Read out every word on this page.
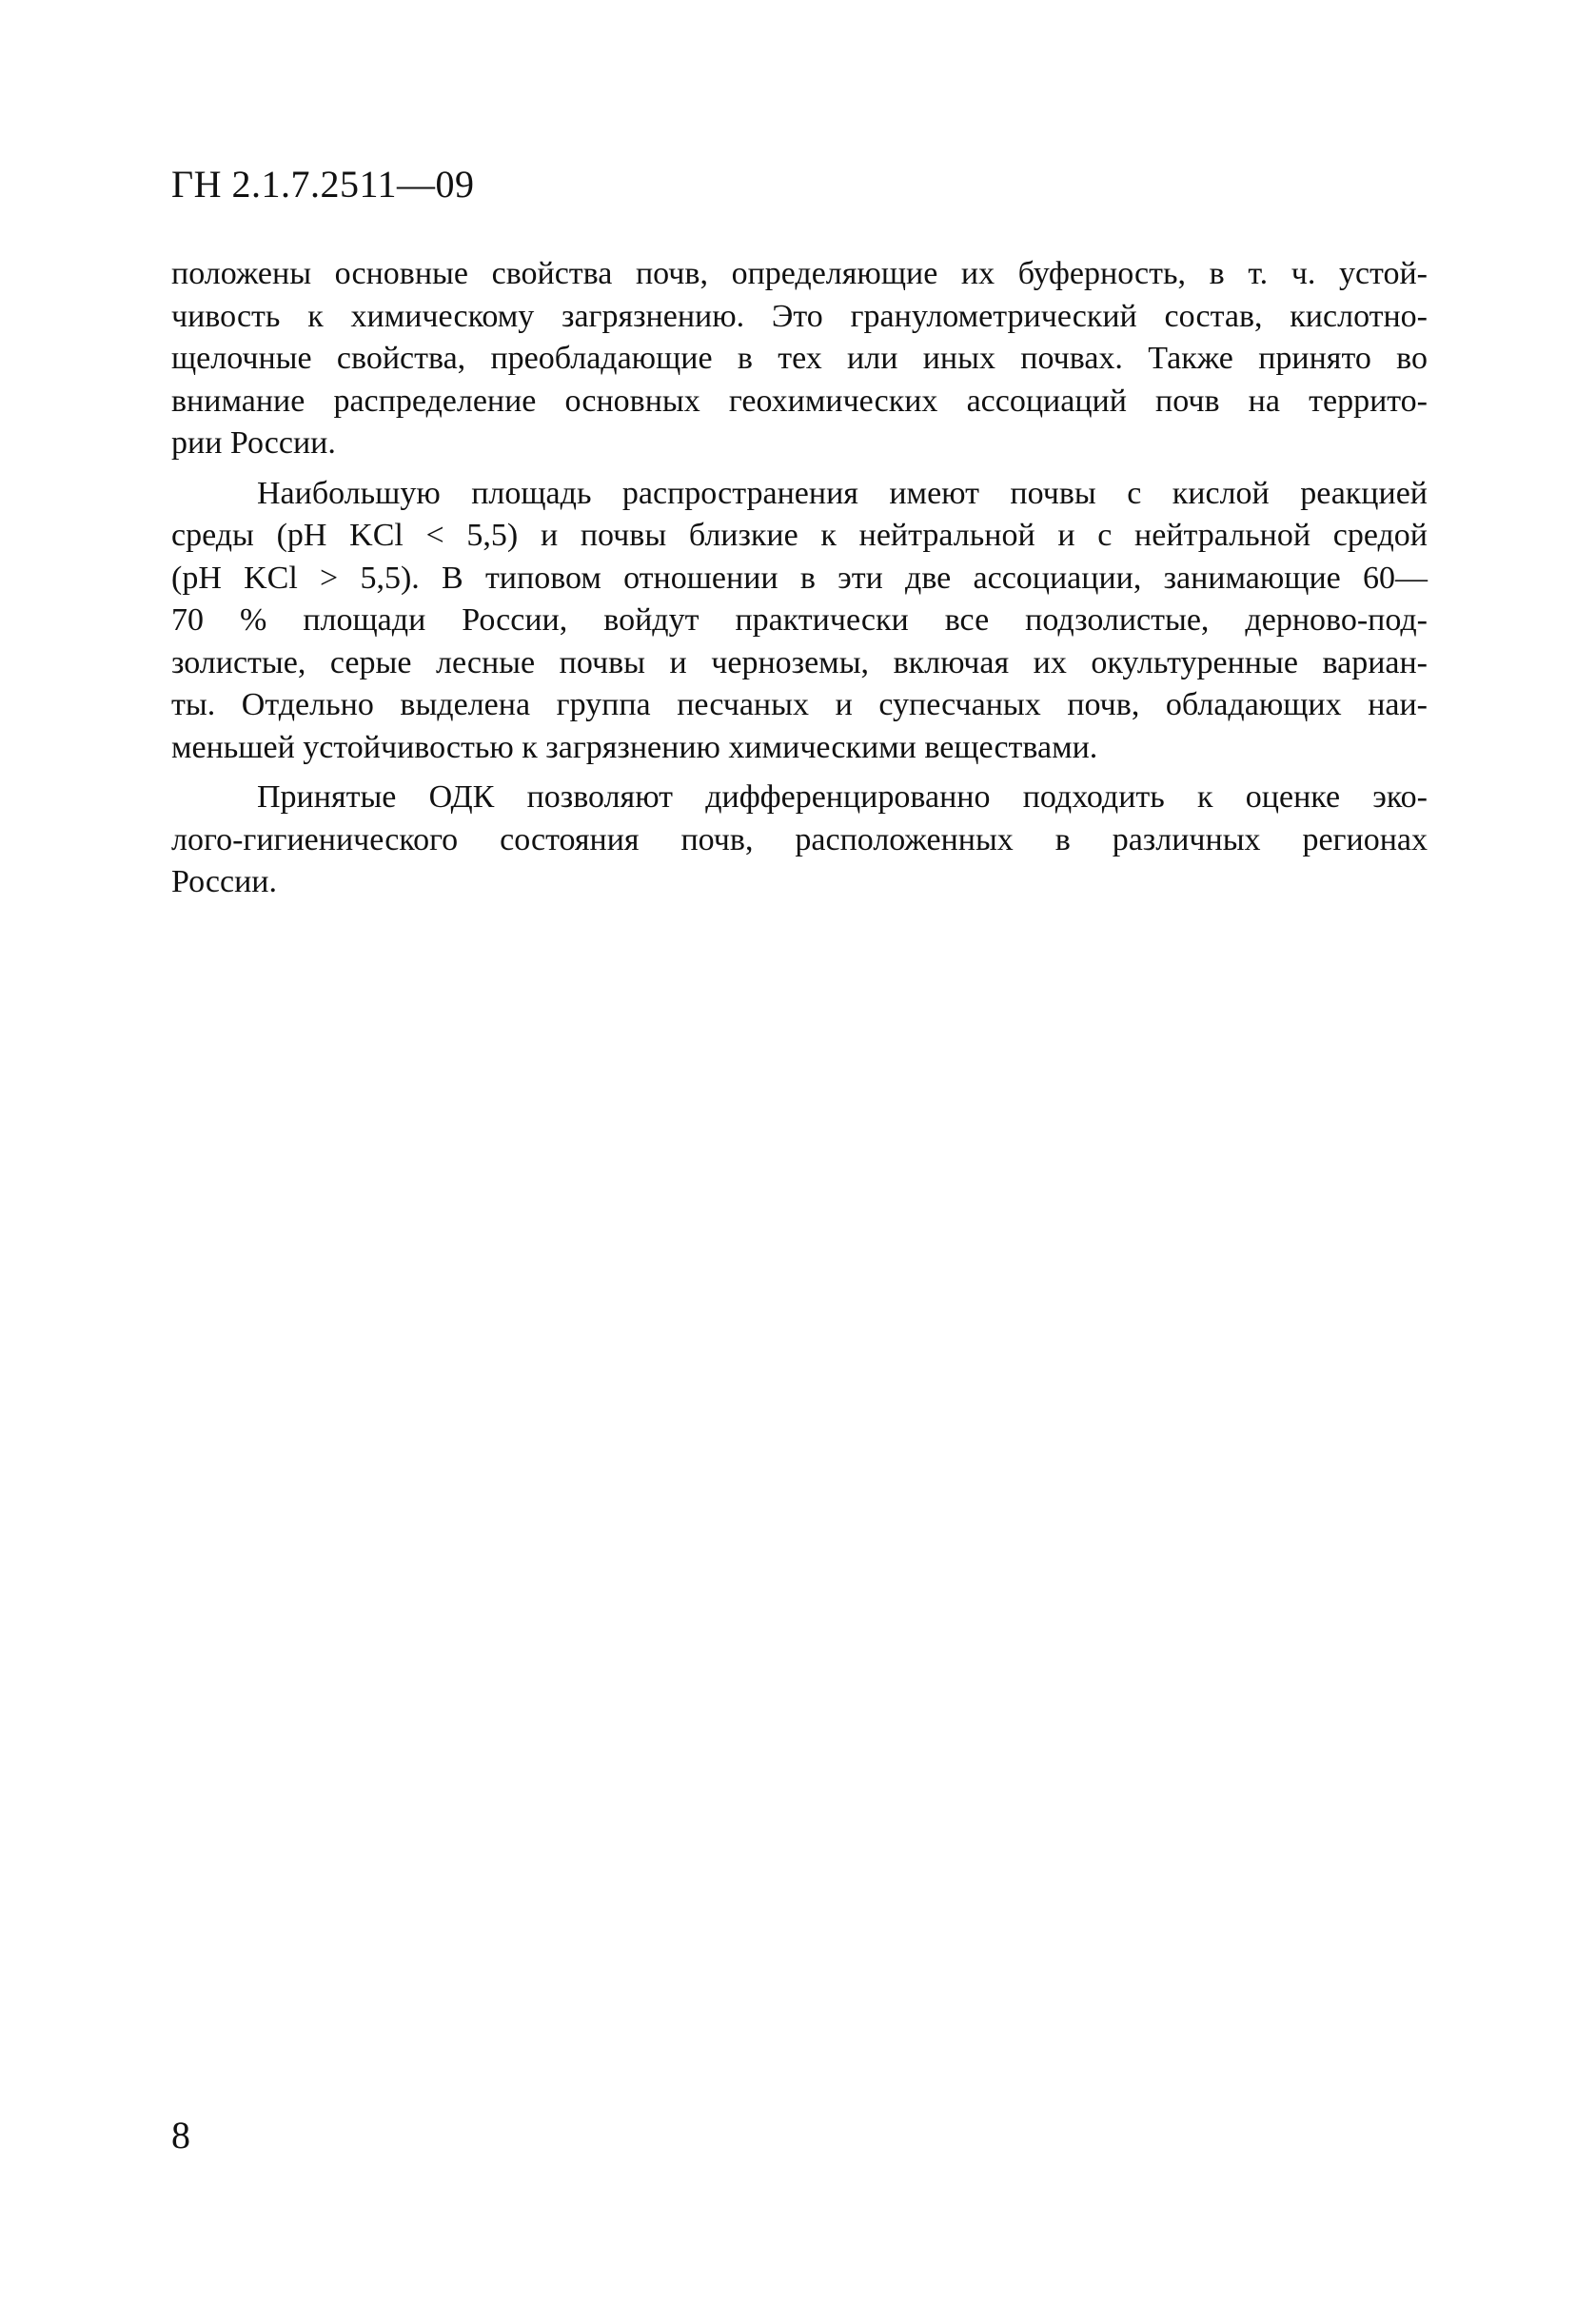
ГН 2.1.7.2511—09

положены основные свойства почв, определяющие их буферность, в т. ч. устой-
чивость к химическому загрязнению. Это гранулометрический состав, кислотно-
щелочные свойства, преобладающие в тех или иных почвах. Также принято во
внимание распределение основных геохимических ассоциаций почв на террито-
рии России.

Наибольшую площадь распространения имеют почвы с кислой реакцией
среды (pH KCl < 5,5) и почвы близкие к нейтральной и с нейтральной средой
(pH KCl > 5,5). В типовом отношении в эти две ассоциации, занимающие 60—
70 % площади России, войдут практически все подзолистые, дерново-под-
золистые, серые лесные почвы и черноземы, включая их окультуренные вариан-
ты. Отдельно выделена группа песчаных и супесчаных почв, обладающих наи-
меньшей устойчивостью к загрязнению химическими веществами.

Принятые ОДК позволяют дифференцированно подходить к оценке эко-
лого-гигиенического состояния почв, расположенных в различных регионах
России.

8
